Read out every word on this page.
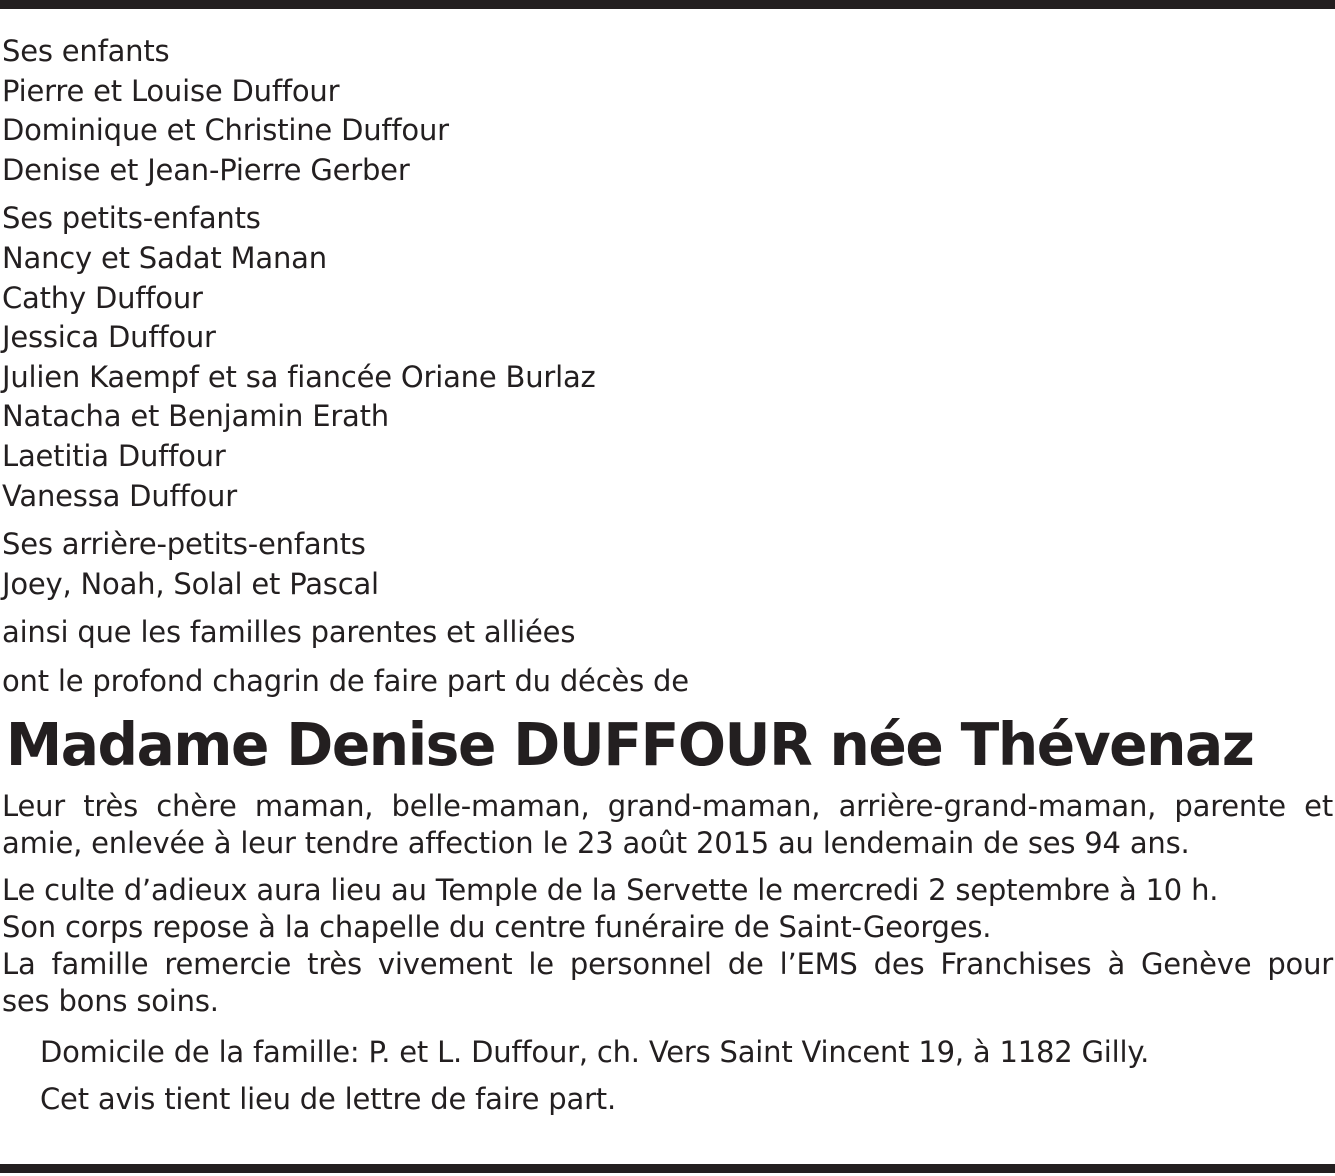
Ses enfants
Pierre et Louise Duffour
Dominique et Christine Duffour
Denise et Jean-Pierre Gerber
Ses petits-enfants
Nancy et Sadat Manan
Cathy Duffour
Jessica Duffour
Julien Kaempf et sa fiancée Oriane Burlaz
Natacha et Benjamin Erath
Laetitia Duffour
Vanessa Duffour
Ses arrière-petits-enfants
Joey, Noah, Solal et Pascal
ainsi que les familles parentes et alliées
ont le profond chagrin de faire part du décès de
Madame Denise DUFFOUR née Thévenaz
Leur très chère maman, belle-maman, grand-maman, arrière-grand-maman, parente et
amie, enlevée à leur tendre affection le 23 août 2015 au lendemain de ses 94 ans.
Le culte d’adieux aura lieu au Temple de la Servette le mercredi 2 septembre à 10 h.
Son corps repose à la chapelle du centre funéraire de Saint-Georges.
La famille remercie très vivement le personnel de l’EMS des Franchises à Genève pour
ses bons soins.
Domicile de la famille: P. et L. Duffour, ch. Vers Saint Vincent 19, à 1182 Gilly.
Cet avis tient lieu de lettre de faire part.
